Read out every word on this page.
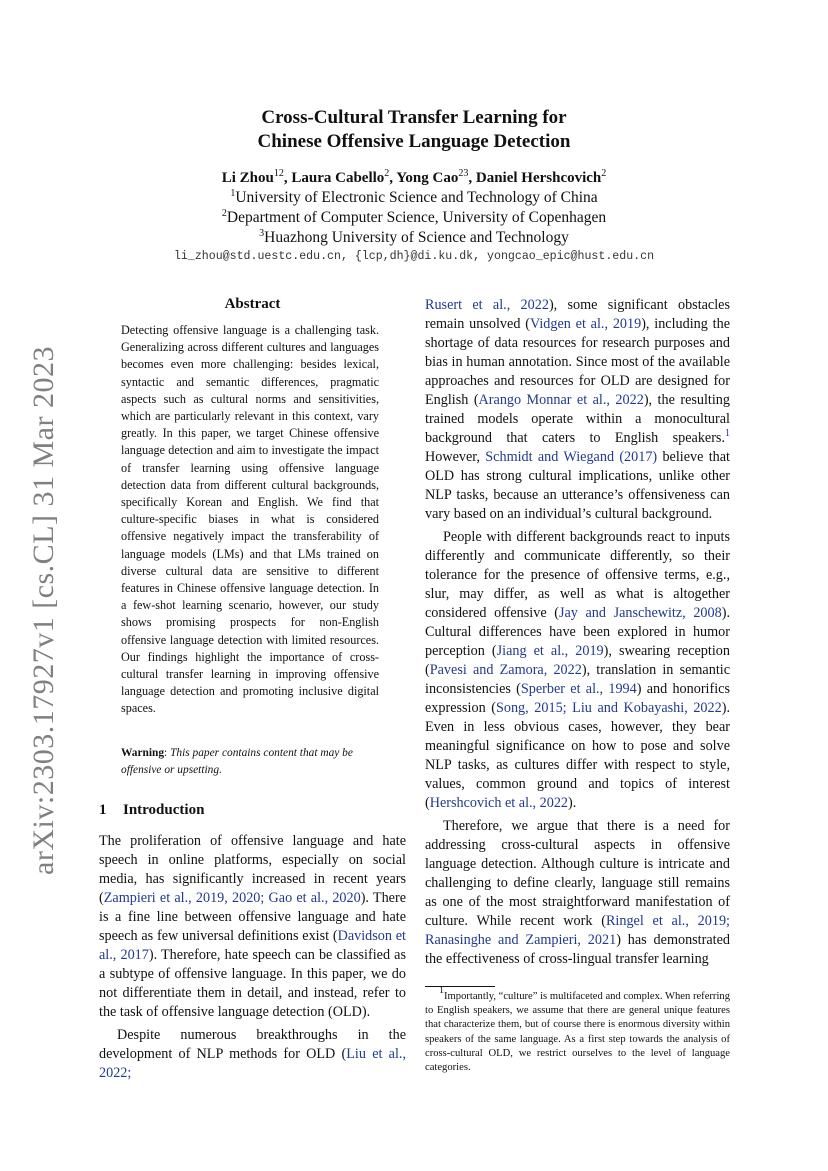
arXiv:2303.17927v1 [cs.CL] 31 Mar 2023
Cross-Cultural Transfer Learning for
Chinese Offensive Language Detection
Li Zhou$^{12}$, Laura Cabello$^2$, Yong Cao$^{23}$, Daniel Hershcovich$^2$
$^1$University of Electronic Science and Technology of China
$^2$Department of Computer Science, University of Copenhagen
$^3$Huazhong University of Science and Technology
li_zhou@std.uestc.edu.cn, {lcp,dh}@di.ku.dk, yongcao_epic@hust.edu.cn
Abstract

Detecting offensive language is a challenging task. Generalizing across different cultures and languages becomes even more challenging: besides lexical, syntactic and semantic differences, pragmatic aspects such as cultural norms and sensitivities, which are particularly relevant in this context, vary greatly. In this paper, we target Chinese offensive language detection and aim to investigate the impact of transfer learning using offensive language detection data from different cultural backgrounds, specifically Korean and English. We find that culture-specific biases in what is considered offensive negatively impact the transferability of language models (LMs) and that LMs trained on diverse cultural data are sensitive to different features in Chinese offensive language detection. In a few-shot learning scenario, however, our study shows promising prospects for non-English offensive language detection with limited resources. Our findings highlight the importance of cross-cultural transfer learning in improving offensive language detection and promoting inclusive digital spaces.

Warning: This paper contains content that may be offensive or upsetting.
1 Introduction

The proliferation of offensive language and hate speech in online platforms, especially on social media, has significantly increased in recent years (Zampieri et al., 2019, 2020; Gao et al., 2020). There is a fine line between offensive language and hate speech as few universal definitions exist (Davidson et al., 2017). Therefore, hate speech can be classified as a subtype of offensive language. In this paper, we do not differentiate them in detail, and instead, refer to the task of offensive language detection (OLD).

Despite numerous breakthroughs in the development of NLP methods for OLD (Liu et al., 2022;

Rusert et al., 2022), some significant obstacles remain unsolved (Vidgen et al., 2019), including the shortage of data resources for research purposes and bias in human annotation. Since most of the available approaches and resources for OLD are designed for English (Arango Monnar et al., 2022), the resulting trained models operate within a monocultural background that caters to English speakers.$^1$ However, Schmidt and Wiegand (2017) believe that OLD has strong cultural implications, unlike other NLP tasks, because an utterance’s offensiveness can vary based on an individual’s cultural background.

People with different backgrounds react to inputs differently and communicate differently, so their tolerance for the presence of offensive terms, e.g., slur, may differ, as well as what is altogether considered offensive (Jay and Janschewitz, 2008). Cultural differences have been explored in humor perception (Jiang et al., 2019), swearing reception (Pavesi and Zamora, 2022), translation in semantic inconsistencies (Sperber et al., 1994) and honorifics expression (Song, 2015; Liu and Kobayashi, 2022). Even in less obvious cases, however, they bear meaningful significance on how to pose and solve NLP tasks, as cultures differ with respect to style, values, common ground and topics of interest (Hershcovich et al., 2022).

Therefore, we argue that there is a need for addressing cross-cultural aspects in offensive language detection. Although culture is intricate and challenging to define clearly, language still remains as one of the most straightforward manifestation of culture. While recent work (Ringel et al., 2019; Ranasinghe and Zampieri, 2021) has demonstrated the effectiveness of cross-lingual transfer learning

$^1$Importantly, “culture” is multifaceted and complex. When referring to English speakers, we assume that there are general unique features that characterize them, but of course there is enormous diversity within speakers of the same language. As a first step towards the analysis of cross-cultural OLD, we restrict ourselves to the level of language categories.
